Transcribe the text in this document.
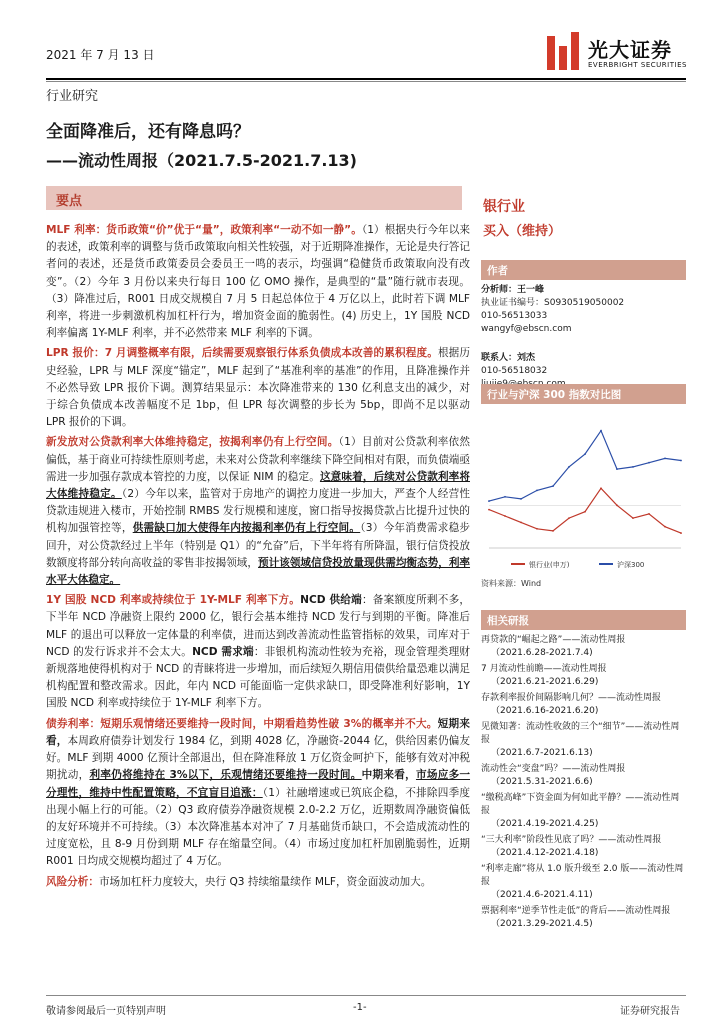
2021 年 7 月 13 日	光大证券
EVERBRIGHT SECURITIES
行业研究
全面降准后，还有降息吗？
——流动性周报（2021.7.5-2021.7.13)
要点

MLF 利率：货币政策“价”优于“量”，政策利率“一动不如一静”。（1）根据央行今年以来的表述，政策利率的调整与货币政策取向相关性较强，对于近期降准操作，无论是央行答记者问的表述，还是货币政策委员会委员王一鸣的表示，均强调“稳健货币政策取向没有改变”。（2）今年 3 月份以来央行每日 100 亿 OMO 操作，是典型的“量”随行就市表现。（3）降准过后，R001 日成交规模自 7 月 5 日起总体位于 4 万亿以上，此时若下调 MLF 利率，将进一步刺激机构加杠杆行为，增加资金面的脆弱性。(4) 历史上，1Y 国股 NCD 利率偏离 1Y-MLF 利率，并不必然带来 MLF 利率的下调。

LPR 报价：7 月调整概率有限，后续需要观察银行体系负债成本改善的累积程度。根据历史经验，LPR 与 MLF 深度“锚定”，MLF 起到了“基准利率的基准”的作用，且降准操作并不必然导致 LPR 报价下调。测算结果显示：本次降准带来的 130 亿利息支出的减少，对于综合负债成本改善幅度不足 1bp，但 LPR 每次调整的步长为 5bp，即尚不足以驱动 LPR 报价的下调。

新发放对公贷款利率大体维持稳定，按揭利率仍有上行空间。（1）目前对公贷款利率依然偏低，基于商业可持续性原则考虑，未来对公贷款利率继续下降空间相对有限，而负债端亟需进一步加强存款成本管控的力度，以保证 NIM 的稳定。这意味着，后续对公贷款利率将大体维持稳定。（2）今年以来，监管对于房地产的调控力度进一步加大，严查个人经营性贷款违规进入楼市，开始控制 RMBS 发行规模和速度，窗口指导按揭贷款占比提升过快的机构加强管控等，供需缺口加大使得年内按揭利率仍有上行空间。（3）今年消费需求稳步回升，对公贷款经过上半年（特别是 Q1）的“允奋”后，下半年将有所降温，银行信贷投放数额度将部分转向高收益的零售非按揭领域，预计该领域信贷投放量现供需均衡态势，利率水平大体稳定。

1Y 国股 NCD 利率或持续位于 1Y-MLF 利率下方。NCD 供给端：备案额度所剩不多，下半年 NCD 净融资上限约 2000 亿，银行会基本维持 NCD 发行与到期的平衡。降准后 MLF 的退出可以释放一定体量的利率债，进而达到改善流动性监管指标的效果，司库对于 NCD 的发行诉求并不会太大。NCD 需求端：非银机构流动性较为充裕，现金管理类理财新规落地使得机构对于 NCD 的青睐将进一步增加，而后续短久期信用债供给量恐难以满足机构配置和整改需求。因此，年内 NCD 可能面临一定供求缺口，即受降准利好影响，1Y 国股 NCD 利率或持续位于 1Y-MLF 利率下方。

债券利率：短期乐观情绪还要维持一段时间，中期看趋势性破 3%的概率并不大。短期来看，本周政府债券计划发行 1984 亿，到期 4028 亿，净融资-2044 亿，供给因素仍偏友好。MLF 到期 4000 亿预计全部退出，但在降准释放 1 万亿资金呵护下，能够有效对冲税期扰动，利率仍将维持在 3%以下，乐观情绪还要维持一段时间。中期来看，市场应多一分理性，维持中性配置策略，不宜盲目追涨：（1）社融增速或已筑底企稳，不排除四季度出现小幅上行的可能。（2）Q3 政府债券净融资规模 2.0-2.2 万亿，近期数周净融资偏低的友好环境并不可持续。（3）本次降准基本对冲了 7 月基础货币缺口，不会造成流动性的过度宽松，且 8-9 月份到期 MLF 存在缩量空间。（4）市场过度加杠杆加剧脆弱性，近期 R001 日均成交规模均超过了 4 万亿。

风险分析：市场加杠杆力度较大，央行 Q3 持续缩量续作 MLF，资金面波动加大。

银行业
买入（维持）
作者
分析师：王一峰
执业证书编号：S0930519050002
010-56513033
wangyf@ebscn.com
联系人：刘杰
010-56518032
行业与沪深 300 指数对比图
银行业(申万)	沪深300
资料来源：Wind
相关研报
再贷款的“崛起之路”——流动性周报
（2021.6.28-2021.7.4)
7 月流动性前瞻——流动性周报
（2021.6.21-2021.6.29)
存款利率报价间隔影响几何？——流动性周报
（2021.6.16-2021.6.20)
见微知著：流动性收敛的三个“细节”——流动性周报
（2021.6.7-2021.6.13)
流动性会“变盘”吗？——流动性周报
（2021.5.31-2021.6.6)
“缴税高峰”下资金面为何如此平静？——流动性周报
（2021.4.19-2021.4.25)
“三大利率”阶段性见底了吗？——流动性周报
（2021.4.12-2021.4.18)
“利率走廊”将从 1.0 版升级至 2.0 版——流动性周报
（2021.4.6-2021.4.11)
票据利率“逆季节性走低”的背后——流动性周报
（2021.3.29-2021.4.5)
敬请参阅最后一页特别声明	-1-	证券研究报告
